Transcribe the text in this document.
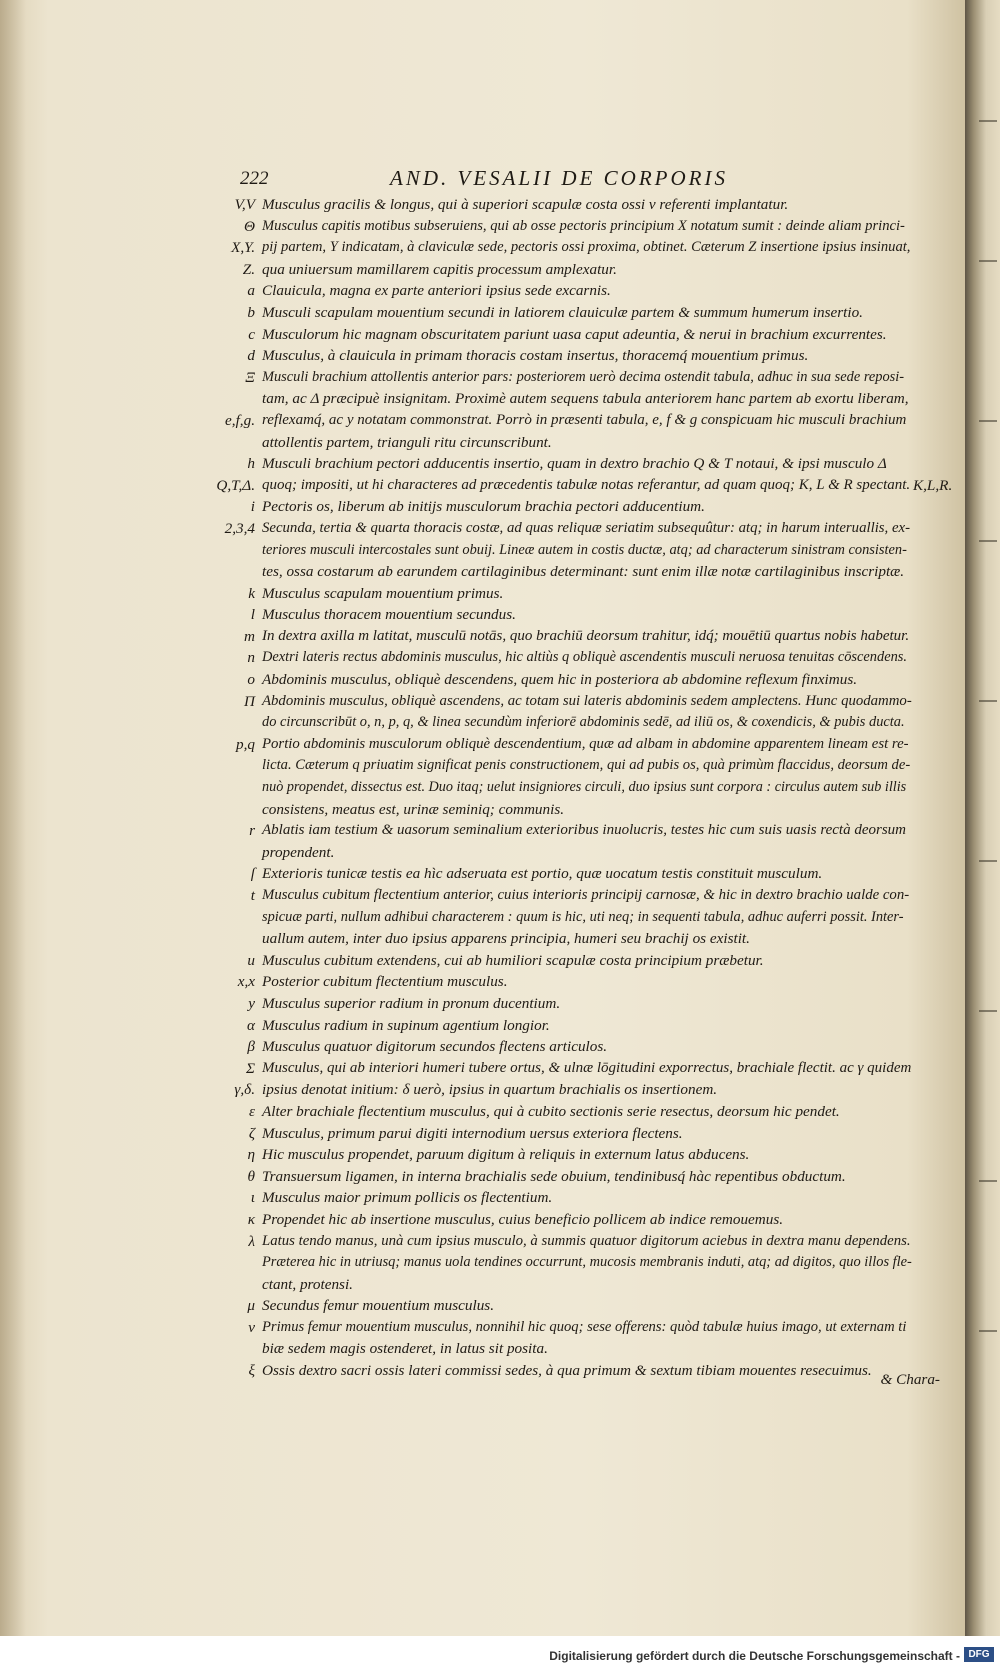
222	AND. VESALII DE CORPORIS
V,V Musculus gracilis & longus, qui à superiori scapulæ costa ossi v referenti implantatur.
Θ Musculus capitis motibus subseruiens, qui ab osse pectoris principium X notatum sumit : deinde aliam princi-
X,Υ. pij partem, Υ indicatam, à claviculæ sede, pectoris ossi proxima, obtinet. Cæterum Z insertione ipsius insinuat,
Z. qua uniuersum mamillarem capitis processum amplexatur.
a Clauicula, magna ex parte anteriori ipsius sede excarnis.
b Musculi scapulam mouentium secundi in latiorem clauiculæ partem & summum humerum insertio.
c Musculorum hic magnam obscuritatem pariunt uasa caput adeuntia, & nerui in brachium excurrentes.
d Musculus, à clauicula in primam thoracis costam insertus, thoracemq́ mouentium primus.
Ξ Musculi brachium attollentis anterior pars: posteriorem uerò decima ostendit tabula, adhuc in sua sede reposi-
tam, ac Δ præcipuè insignitam. Proximè autem sequens tabula anteriorem hanc partem ab exortu liberam,
e,f,g. reflexamq́, ac y notatam commonstrat. Porrò in præsenti tabula, e, f & g conspicuam hic musculi brachium
attollentis partem, trianguli ritu circunscribunt.
h Musculi brachium pectori adducentis insertio, quam in dextro brachio Q & T notaui, & ipsi musculo Δ
Q,T,Δ. quoq; impositi, ut hi characteres ad præcedentis tabulæ notas referantur, ad quam quoq; K, L & R spectant. K,L,R.
i Pectoris os, liberum ab initijs musculorum brachia pectori adducentium.
2,3,4 Secunda, tertia & quarta thoracis costæ, ad quas reliquæ seriatim subsequûtur: atq; in harum interuallis, ex-
teriores musculi intercostales sunt obuij. Lineæ autem in costis ductæ, atq; ad characterum sinistram consisten-
tes, ossa costarum ab earundem cartilaginibus determinant: sunt enim illæ notæ cartilaginibus inscriptæ.
k Musculus scapulam mouentium primus.
l Musculus thoracem mouentium secundus.
m In dextra axilla m latitat, musculū notās, quo brachiū deorsum trahitur, idq́; mouētiū quartus nobis habetur.
n Dextri lateris rectus abdominis musculus, hic altiùs q obliquè ascendentis musculi neruosa tenuitas cōscendens.
o Abdominis musculus, obliquè descendens, quem hic in posteriora ab abdomine reflexum finximus.
Π Abdominis musculus, obliquè ascendens, ac totam sui lateris abdominis sedem amplectens. Hunc quodammo-
do circunscribūt o, n, p, q, & linea secundùm inferiorē abdominis sedē, ad iliū os, & coxendicis, & pubis ducta.
p,q Portio abdominis musculorum obliquè descendentium, quæ ad albam in abdomine apparentem lineam est re-
licta. Cæterum q priuatim significat penis constructionem, qui ad pubis os, quà primùm flaccidus, deorsum de-
nuò propendet, dissectus est. Duo itaq; uelut insigniores circuli, duo ipsius sunt corpora : circulus autem sub illis
consistens, meatus est, urinæ seminiq; communis.
r Ablatis iam testium & uasorum seminalium exterioribus inuolucris, testes hic cum suis uasis rectà deorsum
propendent.
ſ Exterioris tunicæ testis ea hìc adseruata est portio, quæ uocatum testis constituit musculum.
t Musculus cubitum flectentium anterior, cuius interioris principij carnosæ, & hic in dextro brachio ualde con-
spicuæ parti, nullum adhibui characterem : quum is hic, uti neq; in sequenti tabula, adhuc auferri possit. Inter-
uallum autem, inter duo ipsius apparens principia, humeri seu brachij os existit.
u Musculus cubitum extendens, cui ab humiliori scapulæ costa principium præbetur.
x,x Posterior cubitum flectentium musculus.
y Musculus superior radium in pronum ducentium.
α Musculus radium in supinum agentium longior.
β Musculus quatuor digitorum secundos flectens articulos.
Σ Musculus, qui ab interiori humeri tubere ortus, & ulnæ lōgitudini exporrectus, brachiale flectit. ac γ quidem
γ,δ. ipsius denotat initium: δ uerò, ipsius in quartum brachialis os insertionem.
ε Alter brachiale flectentium musculus, qui à cubito sectionis serie resectus, deorsum hic pendet.
ζ Musculus, primum parui digiti internodium uersus exteriora flectens.
η Hic musculus propendet, paruum digitum à reliquis in externum latus abducens.
θ Transuersum ligamen, in interna brachialis sede obuium, tendinibusq́ hàc repentibus obductum.
ι Musculus maior primum pollicis os flectentium.
κ Propendet hic ab insertione musculus, cuius beneficio pollicem ab indice remouemus.
λ Latus tendo manus, unà cum ipsius musculo, à summis quatuor digitorum aciebus in dextra manu dependens.
Præterea hic in utriusq; manus uola tendines occurrunt, mucosis membranis induti, atq; ad digitos, quo illos fle-
ctant, protensi.
μ Secundus femur mouentium musculus.
ν Primus femur mouentium musculus, nonnihil hic quoq; sese offerens: quòd tabulæ huius imago, ut externam ti
biæ sedem magis ostenderet, in latus sit posita.
ξ Ossis dextro sacri ossis lateri commissi sedes, à qua primum & sextum tibiam mouentes resecuimus.
& Chara-
Digitalisierung gefördert durch die Deutsche Forschungsgemeinschaft - DFG
